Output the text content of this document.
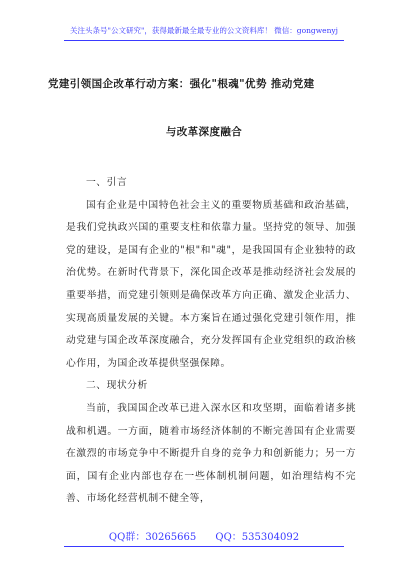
关注头条号"公文研究"，获得最新最全最专业的公文资料库！ 微信：gongwenyj
党建引领国企改革行动方案：强化"根魂"优势 推动党建
与改革深度融合

一、引言

国有企业是中国特色社会主义的重要物质基础和政治基础，是我们党执政兴国的重要支柱和依靠力量。坚持党的领导、加强党的建设，是国有企业的"根"和"魂"，是我国国有企业独特的政治优势。在新时代背景下，深化国企改革是推动经济社会发展的重要举措，而党建引领则是确保改革方向正确、激发企业活力、实现高质量发展的关键。本方案旨在通过强化党建引领作用，推动党建与国企改革深度融合，充分发挥国有企业党组织的政治核心作用，为国企改革提供坚强保障。

二、现状分析

当前，我国国企改革已进入深水区和攻坚期，面临着诸多挑战和机遇。一方面，随着市场经济体制的不断完善国有企业需要在激烈的市场竞争中不断提升自身的竞争力和创新能力；另一方面，国有企业内部也存在一些体制机制问题，如治理结构不完善、市场化经营机制不健全等，

QQ群：30265665 QQ：535304092
